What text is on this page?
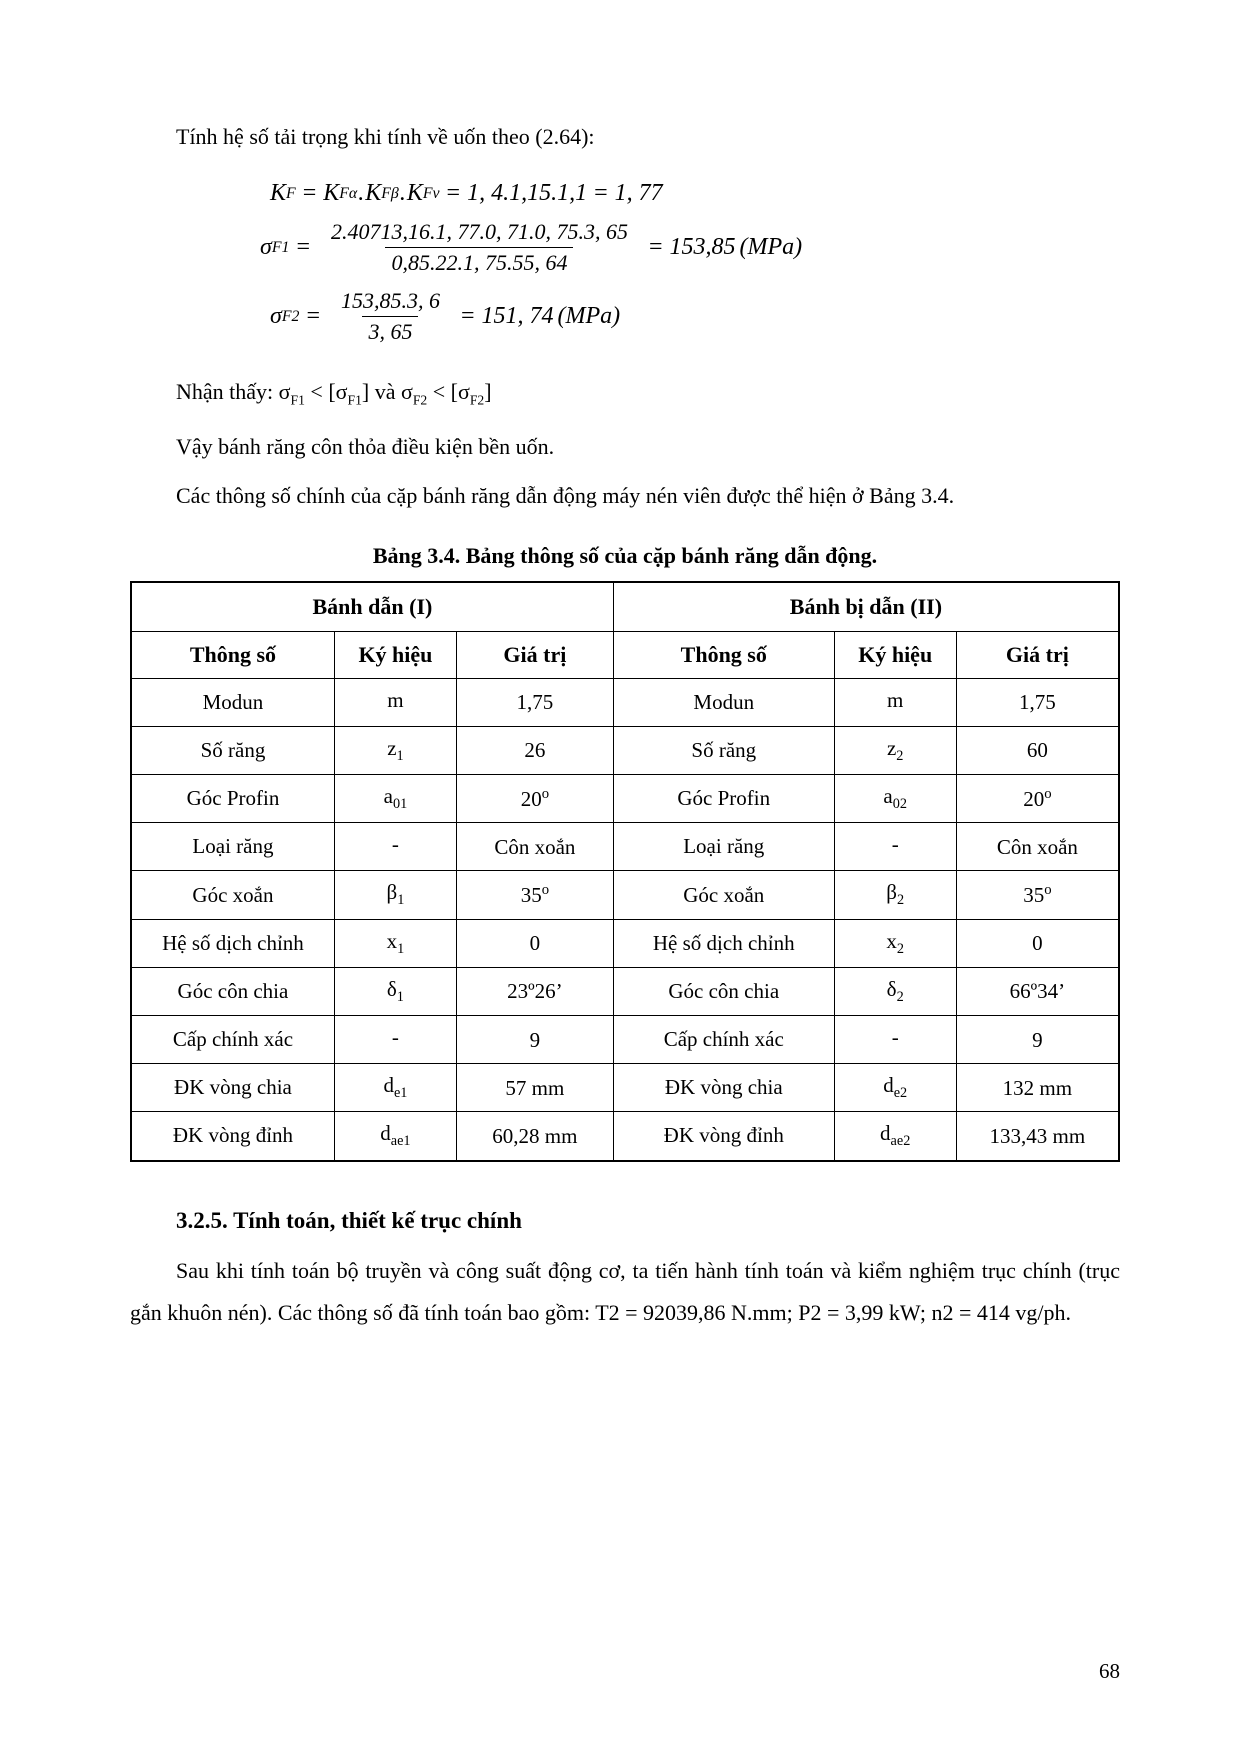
Tính hệ số tải trọng khi tính về uốn theo (2.64):

K F = K Fα . K Fβ . K Fv = 1, 4.1,15.1,1 = 1, 77
σ $F1 = \frac{2.40713,16.1, 77.0, 71.0, 75.3, 65}{0,85.22.1, 75.55, 64} = 153,85$ (MPa)
σ $F2 = \frac{153,85.3, 6}{3, 65} = 151$, 74 (MPa)

Nhận thấy: $\sigma_{F1} < [\sigma_{F1}]$ và $\sigma_{F2} < [\sigma_{F2}]$

Vậy bánh răng côn thỏa điều kiện bền uốn.

Các thông số chính của cặp bánh răng dẫn động máy nén viên được thể hiện ở Bảng 3.4.

Bảng 3.4. Bảng thông số của cặp bánh răng dẫn động.
Bánh dẫn (I)			Bánh bị dẫn (II)		
Thông số	Ký hiệu	Giá trị	Thông số	Ký hiệu	Giá trị
Modun	m	1,75	Modun	m	1,75
Số răng	$z_1$	26	Số răng	$z_2$	60
Góc Profin	$a_{01}$	20$^o$	Góc Profin	$a_{02}$	20$^o$
Loại răng	-	Côn xoắn	Loại răng	-	Côn xoắn
Góc xoắn	$\beta_1$	35$^o$	Góc xoắn	$\beta_2$	35$^o$
Hệ số dịch chỉnh	$x_1$	0	Hệ số dịch chỉnh	$x_2$	0
Góc côn chia	$\delta_1$	23º26’	Góc côn chia	$\delta_2$	66º34’
Cấp chính xác	-	9	Cấp chính xác	-	9
ĐK vòng chia	$d_{e1}$	57 mm	ĐK vòng chia	$d_{e2}$	132 mm
ĐK vòng đỉnh	$d_{ae1}$	60,28 mm	ĐK vòng đỉnh	$d_{ae2}$	133,43 mm
3.2.5. Tính toán, thiết kế trục chính

Sau khi tính toán bộ truyền và công suất động cơ, ta tiến hành tính toán và kiểm nghiệm trục chính (trục gắn khuôn nén). Các thông số đã tính toán bao gồm: T2 = 92039,86 N.mm; P2 = 3,99 kW; n2 = 414 vg/ph.

68
